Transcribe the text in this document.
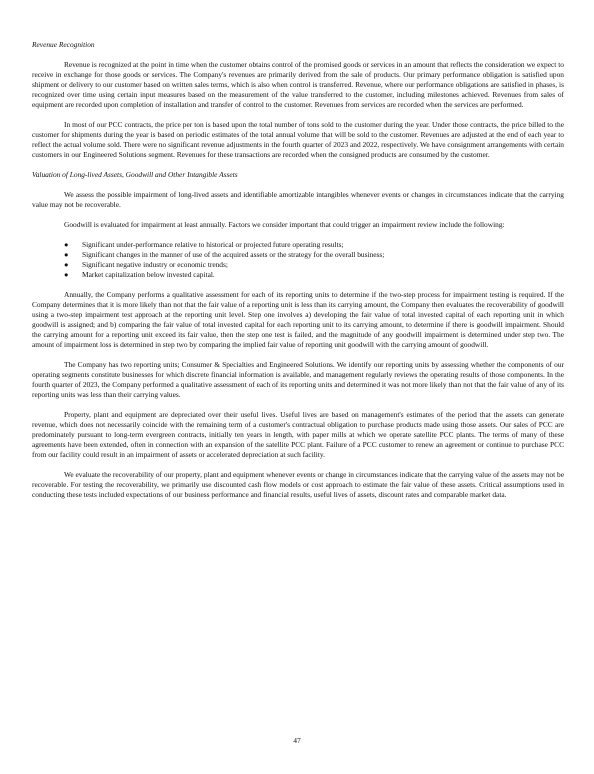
Revenue Recognition

Revenue is recognized at the point in time when the customer obtains control of the promised goods or services in an amount that reflects the consideration we expect to receive in exchange for those goods or services. The Company's revenues are primarily derived from the sale of products. Our primary performance obligation is satisfied upon shipment or delivery to our customer based on written sales terms, which is also when control is transferred. Revenue, where our performance obligations are satisfied in phases, is recognized over time using certain input measures based on the measurement of the value transferred to the customer, including milestones achieved. Revenues from sales of equipment are recorded upon completion of installation and transfer of control to the customer. Revenues from services are recorded when the services are performed.

In most of our PCC contracts, the price per ton is based upon the total number of tons sold to the customer during the year. Under those contracts, the price billed to the customer for shipments during the year is based on periodic estimates of the total annual volume that will be sold to the customer. Revenues are adjusted at the end of each year to reflect the actual volume sold. There were no significant revenue adjustments in the fourth quarter of 2023 and 2022, respectively. We have consignment arrangements with certain customers in our Engineered Solutions segment. Revenues for these transactions are recorded when the consigned products are consumed by the customer.

Valuation of Long-lived Assets, Goodwill and Other Intangible Assets

We assess the possible impairment of long-lived assets and identifiable amortizable intangibles whenever events or changes in circumstances indicate that the carrying value may not be recoverable.

Goodwill is evaluated for impairment at least annually. Factors we consider important that could trigger an impairment review include the following:

● Significant under-performance relative to historical or projected future operating results;
● Significant changes in the manner of use of the acquired assets or the strategy for the overall business;
● Significant negative industry or economic trends;
● Market capitalization below invested capital.

Annually, the Company performs a qualitative assessment for each of its reporting units to determine if the two-step process for impairment testing is required. If the Company determines that it is more likely than not that the fair value of a reporting unit is less than its carrying amount, the Company then evaluates the recoverability of goodwill using a two-step impairment test approach at the reporting unit level. Step one involves a) developing the fair value of total invested capital of each reporting unit in which goodwill is assigned; and b) comparing the fair value of total invested capital for each reporting unit to its carrying amount, to determine if there is goodwill impairment. Should the carrying amount for a reporting unit exceed its fair value, then the step one test is failed, and the magnitude of any goodwill impairment is determined under step two. The amount of impairment loss is determined in step two by comparing the implied fair value of reporting unit goodwill with the carrying amount of goodwill.

The Company has two reporting units; Consumer & Specialties and Engineered Solutions. We identify our reporting units by assessing whether the components of our operating segments constitute businesses for which discrete financial information is available, and management regularly reviews the operating results of those components. In the fourth quarter of 2023, the Company performed a qualitative assessment of each of its reporting units and determined it was not more likely than not that the fair value of any of its reporting units was less than their carrying values.

Property, plant and equipment are depreciated over their useful lives. Useful lives are based on management's estimates of the period that the assets can generate revenue, which does not necessarily coincide with the remaining term of a customer's contractual obligation to purchase products made using those assets. Our sales of PCC are predominately pursuant to long-term evergreen contracts, initially ten years in length, with paper mills at which we operate satellite PCC plants. The terms of many of these agreements have been extended, often in connection with an expansion of the satellite PCC plant. Failure of a PCC customer to renew an agreement or continue to purchase PCC from our facility could result in an impairment of assets or accelerated depreciation at such facility.

We evaluate the recoverability of our property, plant and equipment whenever events or change in circumstances indicate that the carrying value of the assets may not be recoverable. For testing the recoverability, we primarily use discounted cash flow models or cost approach to estimate the fair value of these assets. Critical assumptions used in conducting these tests included expectations of our business performance and financial results, useful lives of assets, discount rates and comparable market data.

47
